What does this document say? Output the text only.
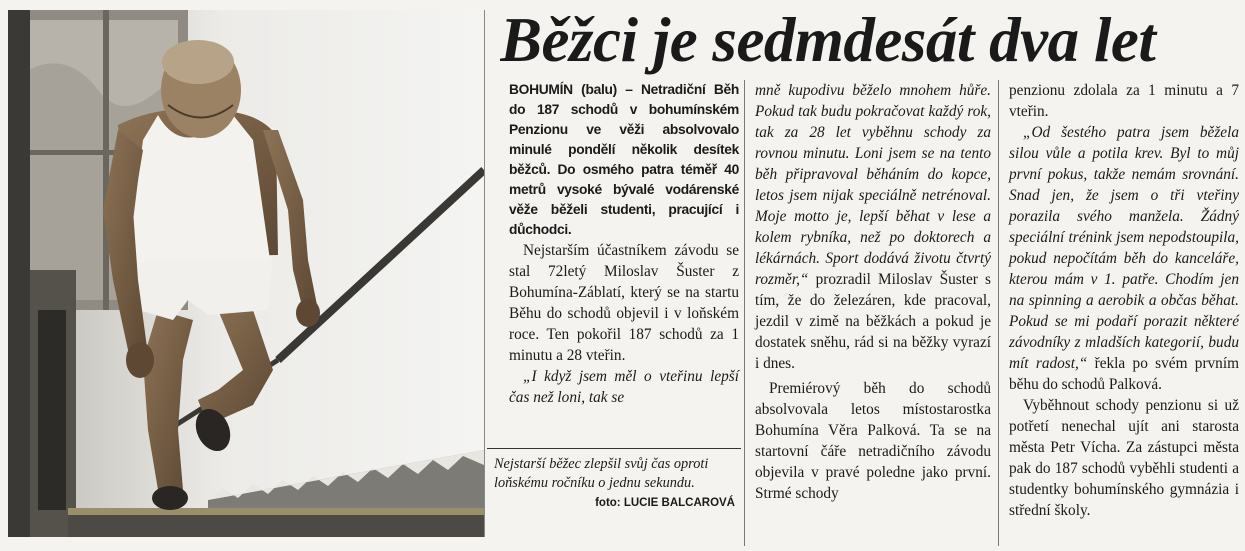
Běžci je sedmdesát dva let

BOHUMÍN (balu) – Netradiční Běh do 187 schodů v bohumínském Penzionu ve věži absolvovalo minulé pondělí několik desítek běžců. Do osmého patra téměř 40 metrů vysoké bývalé vodárenské věže běželi studenti, pracující i důchodci.

Nejstarším účastníkem závodu se stal 72letý Miloslav Šuster z Bohumína-Záblatí, který se na startu Běhu do schodů objevil i v loňském roce. Ten pokořil 187 schodů za 1 minutu a 28 vteřin.

„I když jsem měl o vteřinu lepší čas než loni, tak se

Nejstarší běžec zlepšil svůj čas oproti loňskému ročníku o jednu sekundu.
foto: LUCIE BALCAROVÁ

mně kupodivu běželo mnohem hůře. Pokud tak budu pokračovat každý rok, tak za 28 let vyběhnu schody za rovnou minutu. Loni jsem se na tento běh připravoval běháním do kopce, letos jsem nijak speciálně netrénoval. Moje motto je, lepší běhat v lese a kolem rybníka, než po doktorech a lékárnách. Sport dodává životu čtvrtý rozměr,“ prozradil Miloslav Šuster s tím, že do železáren, kde pracoval, jezdil v zimě na běžkách a pokud je dostatek sněhu, rád si na běžky vyrazí i dnes.

Premiérový běh do schodů absolvovala letos místostarostka Bohumína Věra Palková. Ta se na startovní čáře netradičního závodu objevila v pravé poledne jako první. Strmé schody

penzionu zdolala za 1 minutu a 7 vteřin.

„Od šestého patra jsem běžela silou vůle a potila krev. Byl to můj první pokus, takže nemám srovnání. Snad jen, že jsem o tři vteřiny porazila svého manžela. Žádný speciální trénink jsem nepodstoupila, pokud nepočítám běh do kanceláře, kterou mám v 1. patře. Chodím jen na spinning a aerobik a občas běhat. Pokud se mi podaří porazit některé závodníky z mladších kategorií, budu mít radost,“ řekla po svém prvním běhu do schodů Palková.

Vyběhnout schody penzionu si už potřetí nenechal ujít ani starosta města Petr Vícha. Za zástupci města pak do 187 schodů vyběhli studenti a studentky bohumínského gymnázia i střední školy.
